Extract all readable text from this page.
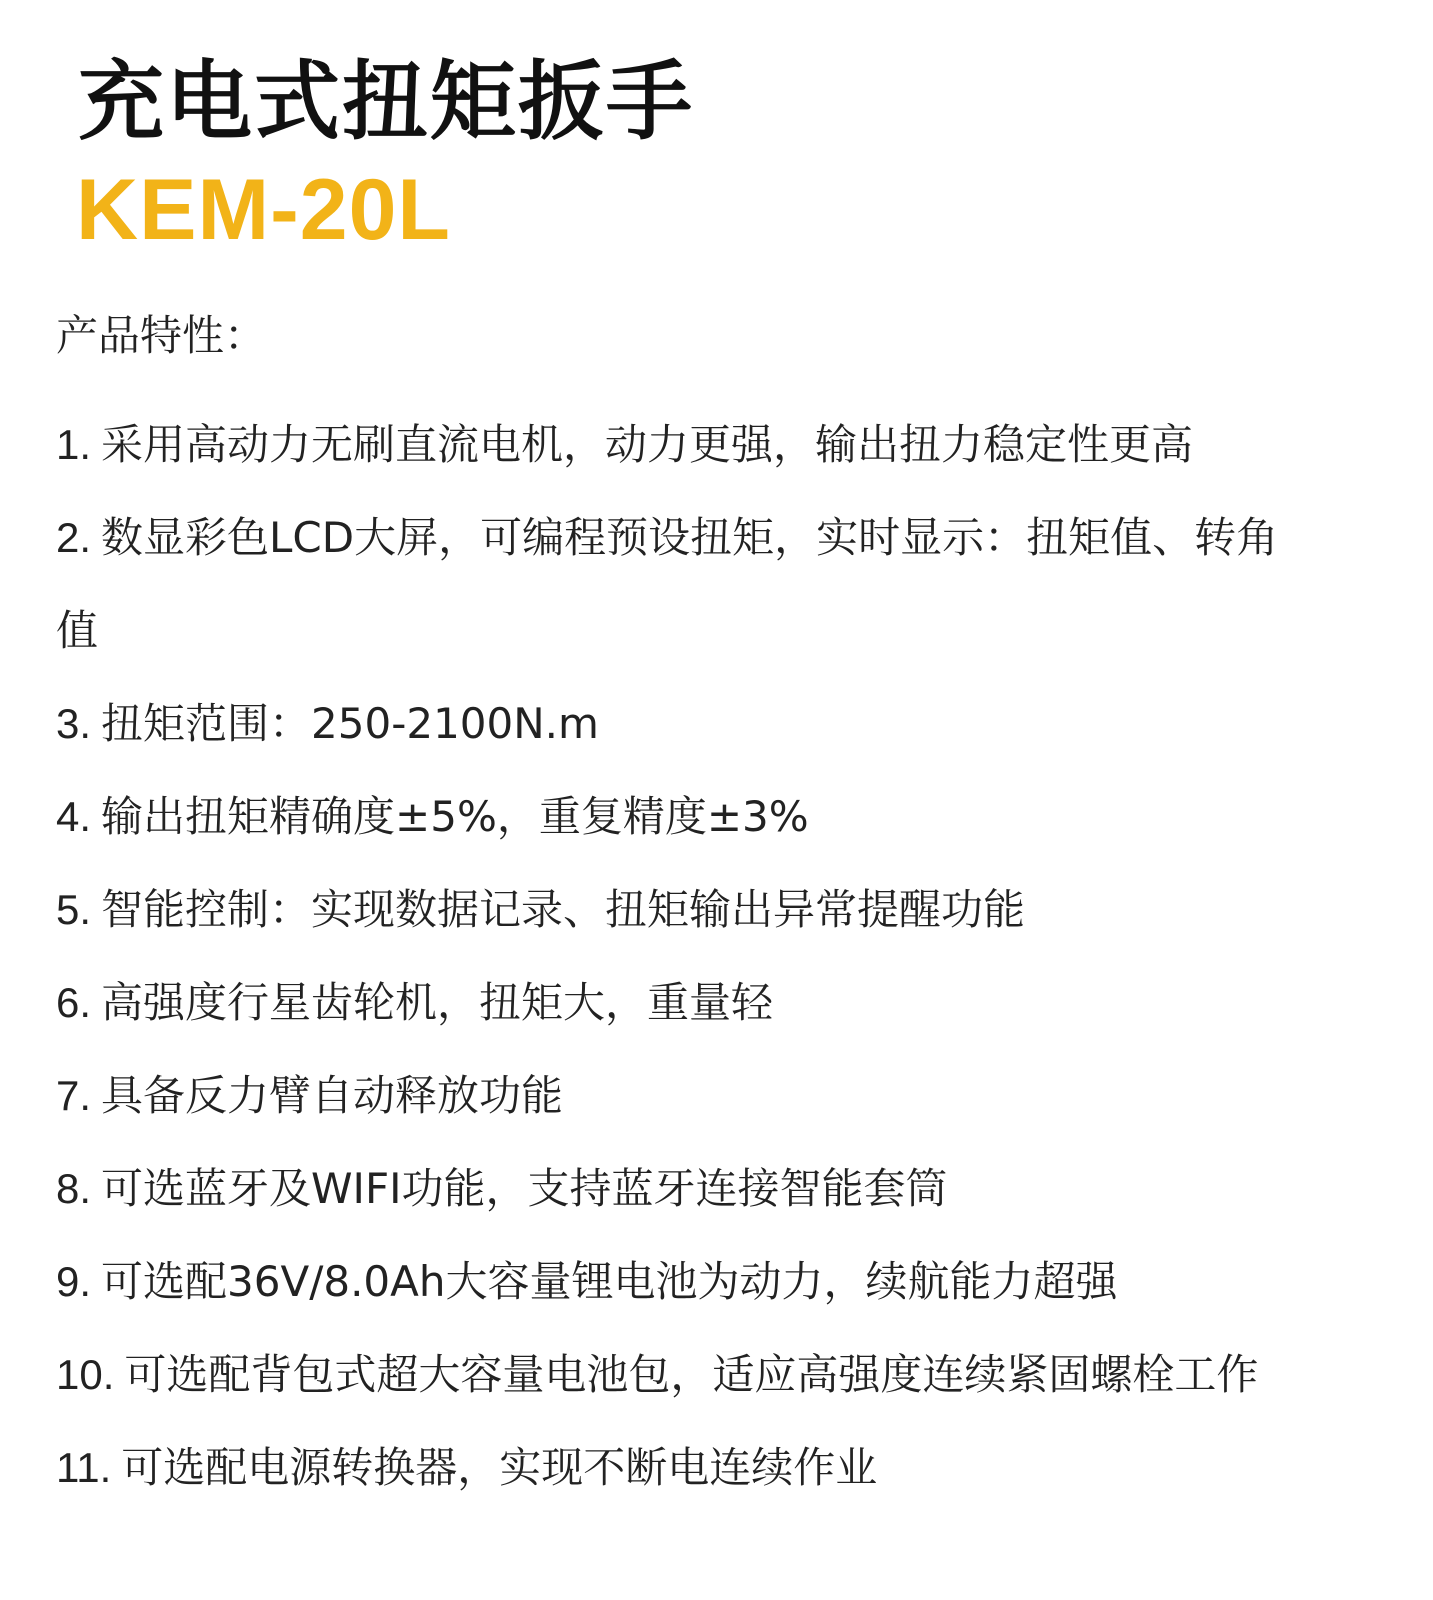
充电式扭矩扳手
KEM-20L

产品特性：

1. 采用高动力无刷直流电机，动力更强，输出扭力稳定性更高
2. 数显彩色LCD大屏，可编程预设扭矩，实时显示：扭矩值、转角值
3. 扭矩范围：250-2100N.m
4. 输出扭矩精确度±5%，重复精度±3%
5. 智能控制：实现数据记录、扭矩输出异常提醒功能
6. 高强度行星齿轮机，扭矩大，重量轻
7. 具备反力臂自动释放功能
8. 可选蓝牙及WIFI功能，支持蓝牙连接智能套筒
9. 可选配36V/8.0Ah大容量锂电池为动力，续航能力超强
10. 可选配背包式超大容量电池包，适应高强度连续紧固螺栓工作
11. 可选配电源转换器，实现不断电连续作业
